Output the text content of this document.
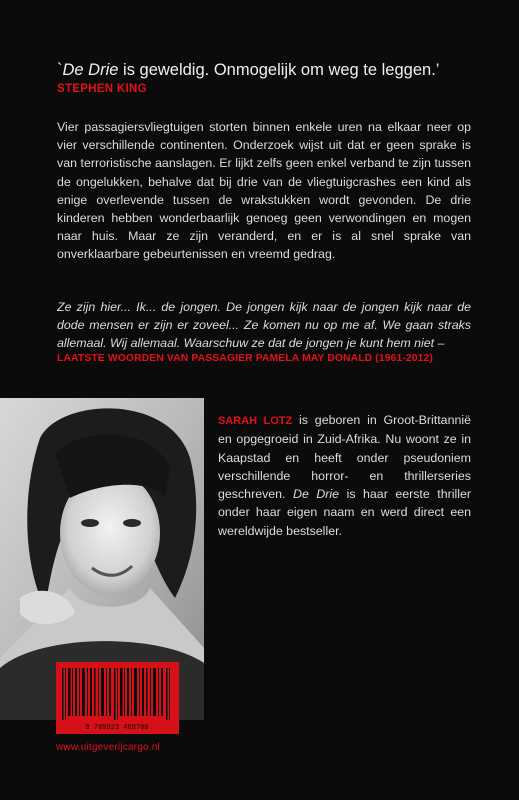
`De Drie is geweldig. Onmogelijk om weg te leggen.’
STEPHEN KING

Vier passagiersvliegtuigen storten binnen enkele uren na elkaar neer op vier verschillende continenten. Onderzoek wijst uit dat er geen sprake is van terroristische aanslagen. Er lijkt zelfs geen enkel verband te zijn tussen de ongelukken, behalve dat bij drie van de vliegtuigcrashes een kind als enige overlevende tussen de wrakstukken wordt gevonden. De drie kinderen hebben wonderbaarlijk genoeg geen verwondingen en mogen naar huis. Maar ze zijn veranderd, en er is al snel sprake van onverklaarbare gebeurtenissen en vreemd gedrag.

Ze zijn hier... Ik... de jongen. De jongen kijk naar de jongen kijk naar de dode mensen er zijn er zoveel... Ze komen nu op me af. We gaan straks allemaal. Wij allemaal. Waarschuw ze dat de jongen je kunt hem niet –
LAATSTE WOORDEN VAN PASSAGIER PAMELA MAY DONALD (1961-2012)
SARAH LOTZ is geboren in Groot-Brittannië en opgegroeid in Zuid-Afrika. Nu woont ze in Kaapstad en heeft onder pseudoniem verschillende horror- en thrillerseries geschreven. De Drie is haar eerste thriller onder haar eigen naam en werd direct een wereldwijde bestseller.
9 789023 488700
www.uitgeverijcargo.nl
